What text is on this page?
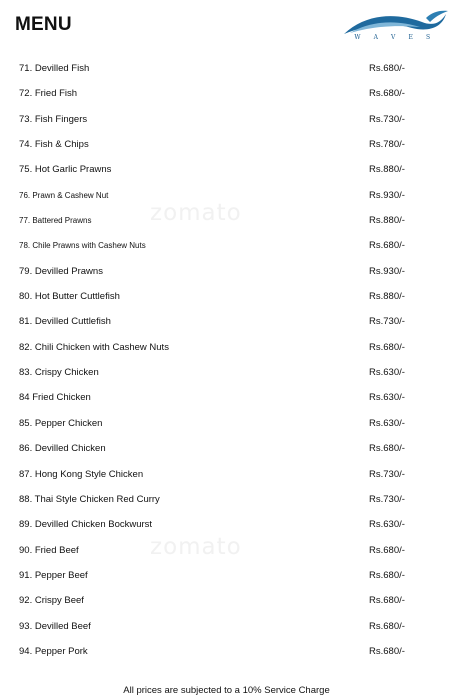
MENU
W A V E S
zomato
zomato
71. Devilled Fish	Rs.680/-
72. Fried Fish	Rs.680/-
73. Fish Fingers	Rs.730/-
74. Fish & Chips	Rs.780/-
75. Hot Garlic Prawns	Rs.880/-
76. Prawn & Cashew Nut	Rs.930/-
77. Battered Prawns	Rs.880/-
78. Chile Prawns with Cashew Nuts	Rs.680/-
79. Devilled Prawns	Rs.930/-
80. Hot Butter Cuttlefish	Rs.880/-
81. Devilled Cuttlefish	Rs.730/-
82. Chili Chicken with Cashew Nuts	Rs.680/-
83. Crispy Chicken	Rs.630/-
84 Fried Chicken	Rs.630/-
85. Pepper Chicken	Rs.630/-
86. Devilled Chicken	Rs.680/-
87. Hong Kong Style Chicken	Rs.730/-
88. Thai Style Chicken Red Curry	Rs.730/-
89. Devilled Chicken Bockwurst	Rs.630/-
90. Fried Beef	Rs.680/-
91. Pepper Beef	Rs.680/-
92. Crispy Beef	Rs.680/-
93. Devilled Beef	Rs.680/-
94. Pepper Pork	Rs.680/-
All prices are subjected to a 10% Service Charge
